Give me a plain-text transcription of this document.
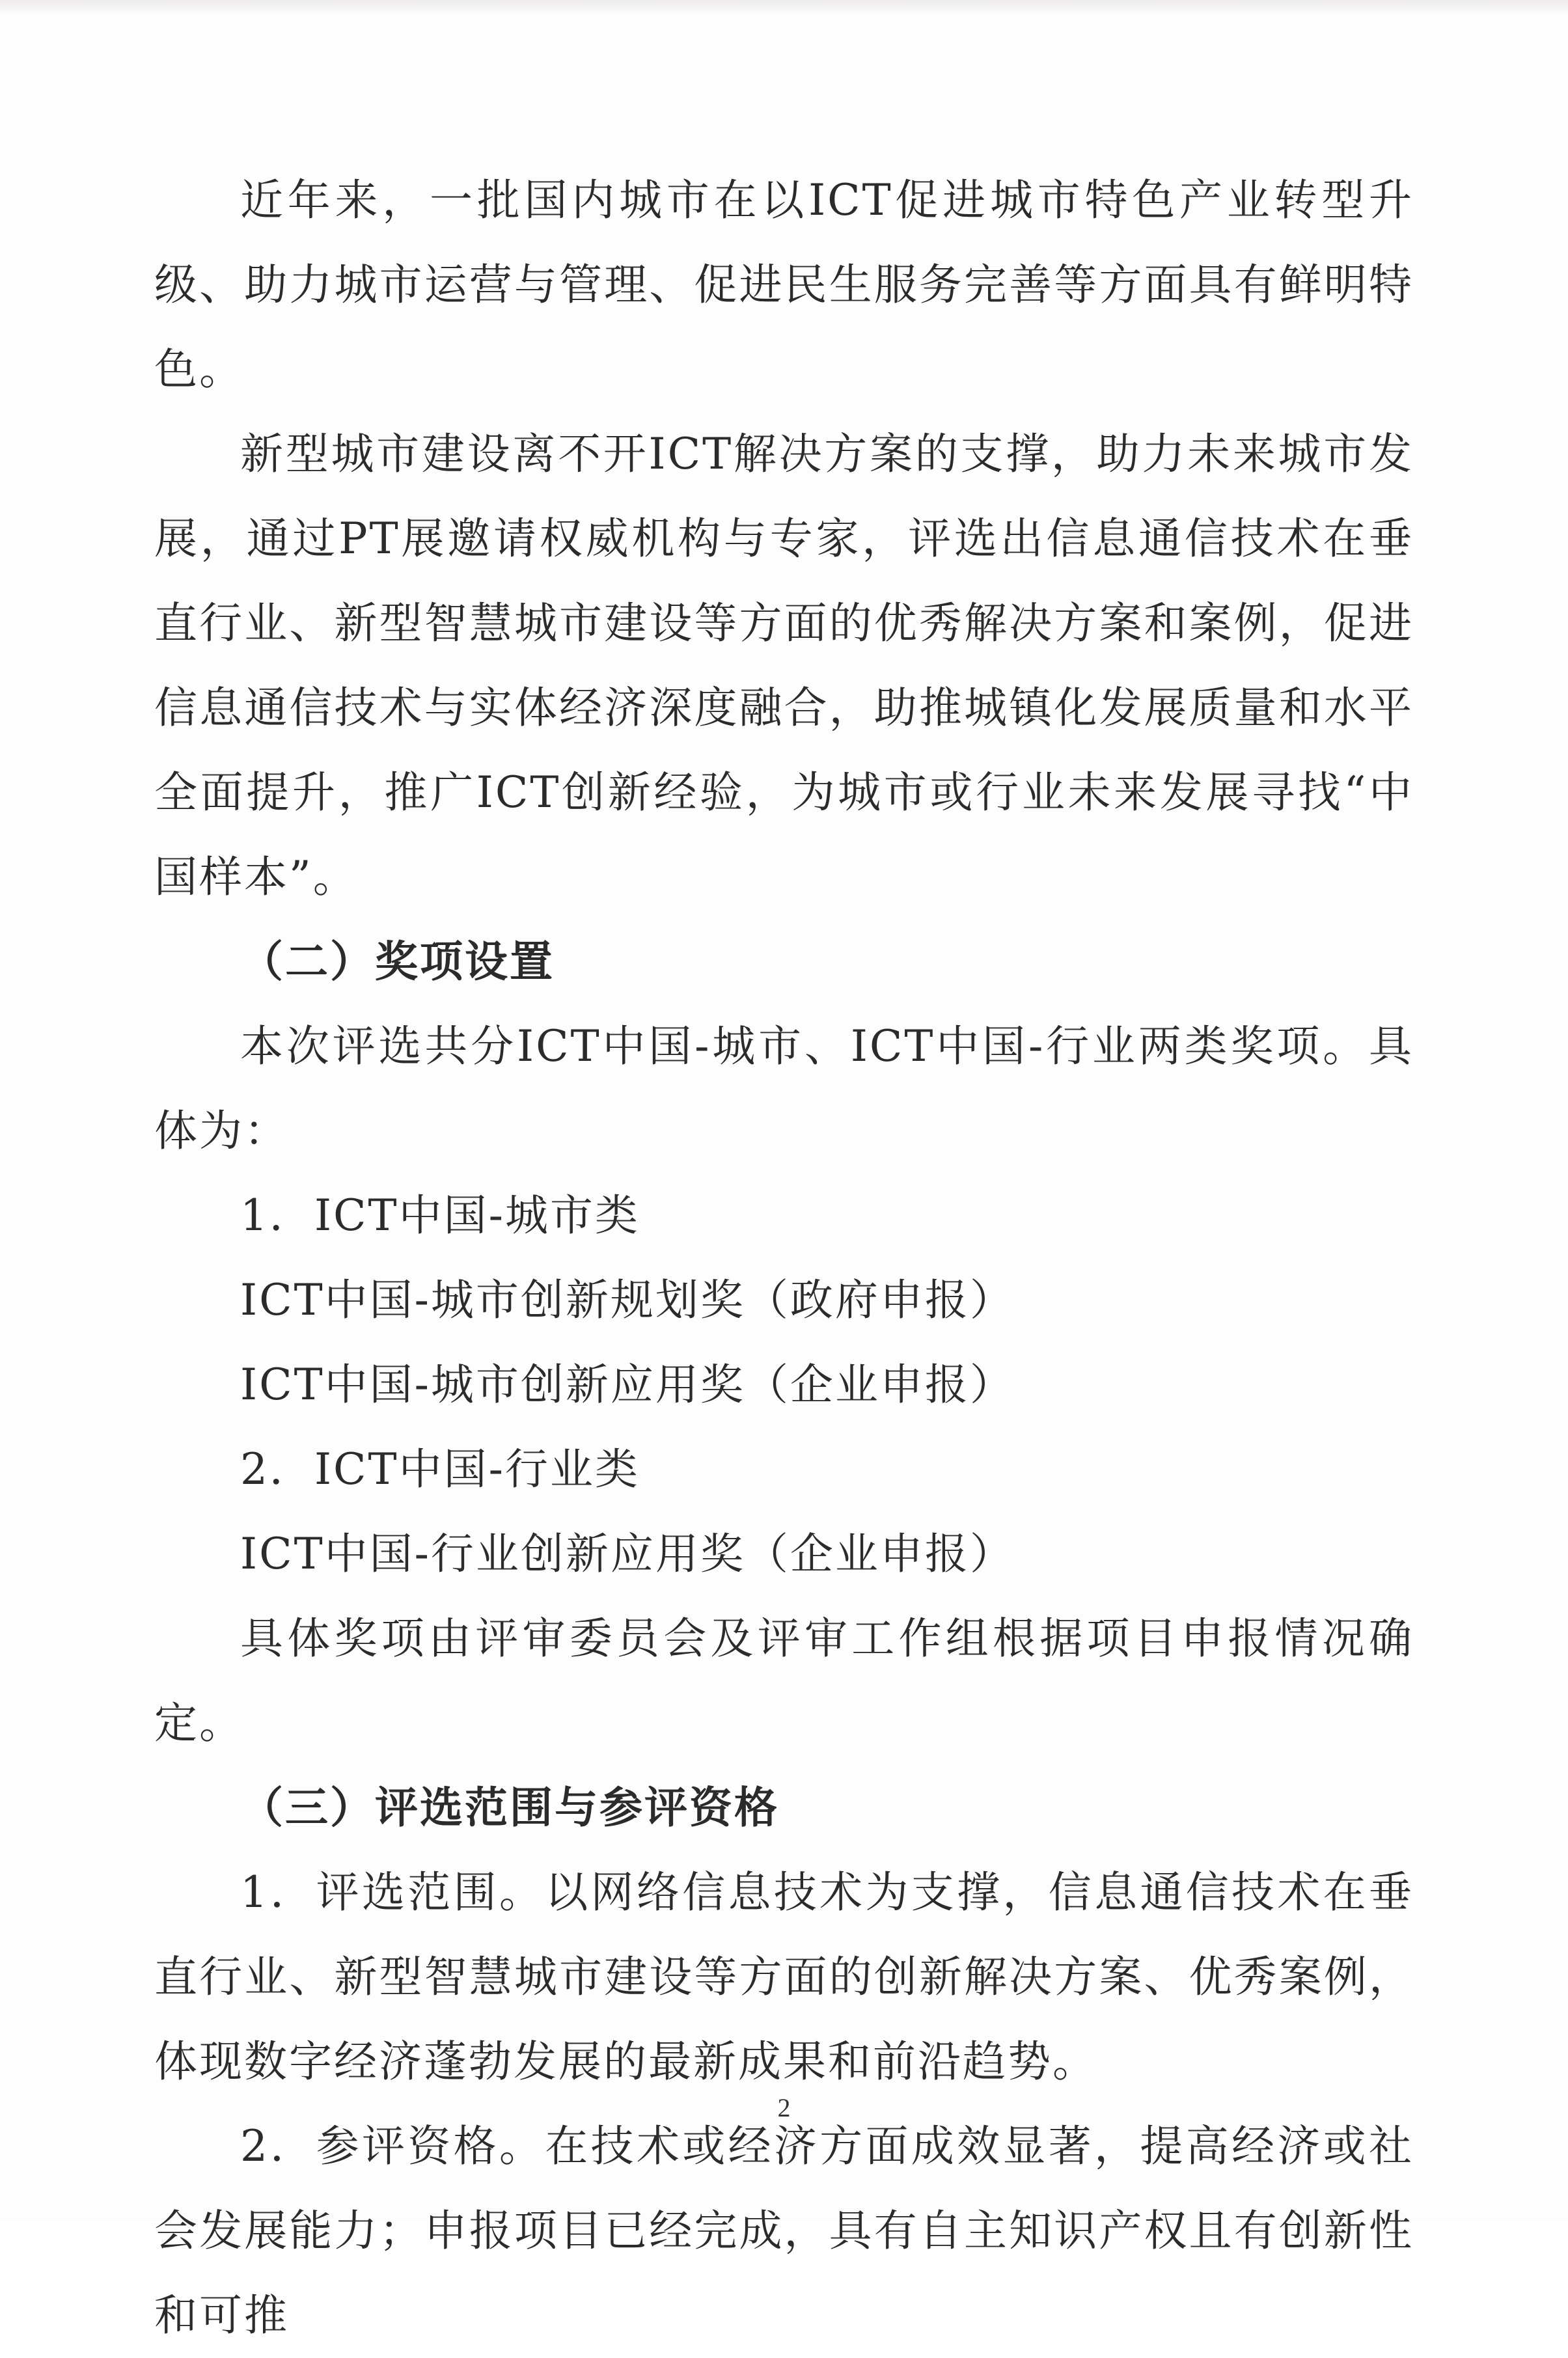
近年来，一批国内城市在以ICT促进城市特色产业转型升级、助力城市运营与管理、促进民生服务完善等方面具有鲜明特色。

新型城市建设离不开ICT解决方案的支撑，助力未来城市发展，通过PT展邀请权威机构与专家，评选出信息通信技术在垂直行业、新型智慧城市建设等方面的优秀解决方案和案例，促进信息通信技术与实体经济深度融合，助推城镇化发展质量和水平全面提升，推广ICT创新经验，为城市或行业未来发展寻找“中国样本”。

（二）奖项设置

本次评选共分ICT中国-城市、ICT中国-行业两类奖项。具体为：

1．ICT中国-城市类

ICT中国-城市创新规划奖（政府申报）

ICT中国-城市创新应用奖（企业申报）

2．ICT中国-行业类

ICT中国-行业创新应用奖（企业申报）

具体奖项由评审委员会及评审工作组根据项目申报情况确定。

（三）评选范围与参评资格

1．评选范围。以网络信息技术为支撑，信息通信技术在垂直行业、新型智慧城市建设等方面的创新解决方案、优秀案例，体现数字经济蓬勃发展的最新成果和前沿趋势。

2．参评资格。在技术或经济方面成效显著，提高经济或社会发展能力；申报项目已经完成，具有自主知识产权且有创新性和可推

2
